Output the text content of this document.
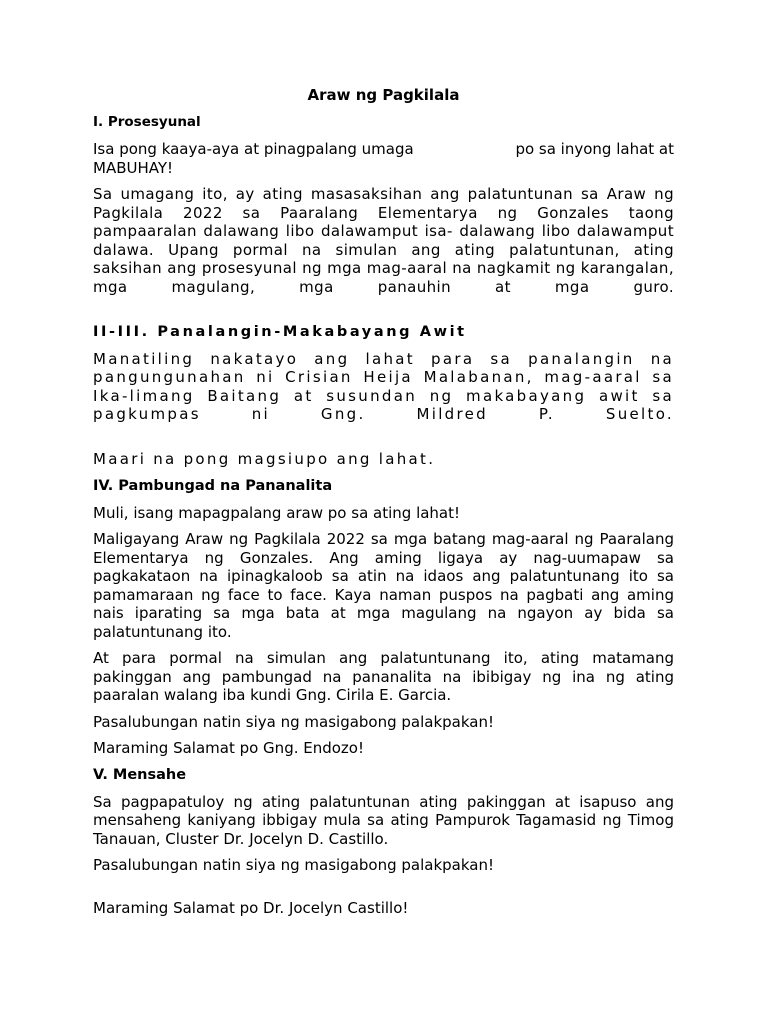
Araw ng Pagkilala
I. Prosesyunal

Isa pong kaaya-aya at pinagpalang umaga	po sa inyong lahat at

MABUHAY!

Sa umagang ito, ay ating masasaksihan ang palatuntunan sa Araw ng Pagkilala 2022 sa Paaralang Elementarya ng Gonzales taong pampaaralan dalawang libo dalawamput isa- dalawang libo dalawamput dalawa. Upang pormal na simulan ang ating palatuntunan, ating saksihan ang prosesyunal ng mga mag-aaral na nagkamit ng karangalan, mga magulang, mga panauhin at mga guro.

II-III. Panalangin-Makabayang Awit

Manatiling nakatayo ang lahat para sa panalangin na pangungunahan ni Crisian Heija Malabanan, mag-aaral sa Ika-limang Baitang at susundan ng makabayang awit sa pagkumpas ni Gng. Mildred P. Suelto.

Maari na pong magsiupo ang lahat.

IV. Pambungad na Pananalita

Muli, isang mapagpalang araw po sa ating lahat!

Maligayang Araw ng Pagkilala 2022 sa mga batang mag-aaral ng Paaralang Elementarya ng Gonzales. Ang aming ligaya ay nag-uumapaw sa pagkakataon na ipinagkaloob sa atin na idaos ang palatuntunang ito sa pamamaraan ng face to face. Kaya naman puspos na pagbati ang aming nais iparating sa mga bata at mga magulang na ngayon ay bida sa palatuntunang ito.

At para pormal na simulan ang palatuntunang ito, ating matamang pakinggan ang pambungad na pananalita na ibibigay ng ina ng ating paaralan walang iba kundi Gng. Cirila E. Garcia.

Pasalubungan natin siya ng masigabong palakpakan!

Maraming Salamat po Gng. Endozo!

V. Mensahe

Sa pagpapatuloy ng ating palatuntunan ating pakinggan at isapuso ang mensaheng kaniyang ibbigay mula sa ating Pampurok Tagamasid ng Timog Tanauan, Cluster Dr. Jocelyn D. Castillo.

Pasalubungan natin siya ng masigabong palakpakan!

Maraming Salamat po Dr. Jocelyn Castillo!
